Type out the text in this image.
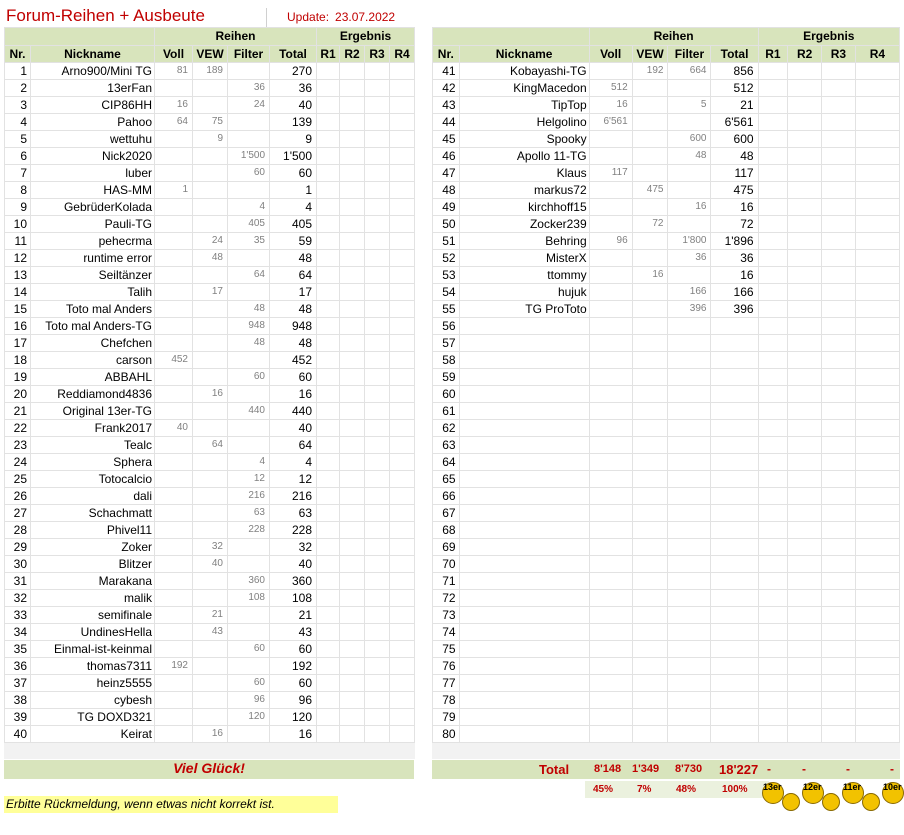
Forum-Reihen + Ausbeute	Update: 23.07.2022
		Reihen				Ergebnis			
Nr.	Nickname	Voll	VEW	Filter	Total	R1	R2	R3	R4
1	Arno900/Mini TG	81	189		270				
2	13erFan			36	36				
3	CIP86HH	16		24	40				
4	Pahoo	64	75		139				
5	wettuhu		9		9				
6	Nick2020			1'500	1'500				
7	luber			60	60				
8	HAS-MM	1			1				
9	GebrüderKolada			4	4				
10	Pauli-TG			405	405				
11	pehecrma		24	35	59				
12	runtime error		48		48				
13	Seiltänzer			64	64				
14	Talih		17		17				
15	Toto mal Anders			48	48				
16	Toto mal Anders-TG			948	948				
17	Chefchen			48	48				
18	carson	452			452				
19	ABBAHL			60	60				
20	Reddiamond4836		16		16				
21	Original 13er-TG			440	440				
22	Frank2017	40			40				
23	Tealc		64		64				
24	Sphera			4	4				
25	Totocalcio			12	12				
26	dali			216	216				
27	Schachmatt			63	63				
28	Phivel11			228	228				
29	Zoker		32		32				
30	Blitzer		40		40				
31	Marakana			360	360				
32	malik			108	108				
33	semifinale		21		21				
34	UndinesHella		43		43				
35	Einmal-ist-keinmal			60	60				
36	thomas7311	192			192				
37	heinz5555			60	60				
38	cybesh			96	96				
39	TG DOXD321			120	120				
40	Keirat		16		16				

		Reihen				Ergebnis			
Nr.	Nickname	Voll	VEW	Filter	Total	R1	R2	R3	R4
41	Kobayashi-TG		192	664	856				
42	KingMacedon	512			512				
43	TipTop	16		5	21				
44	Helgolino	6'561			6'561				
45	Spooky			600	600				
46	Apollo 11-TG			48	48				
47	Klaus	117			117				
48	markus72		475		475				
49	kirchhoff15			16	16				
50	Zocker239		72		72				
51	Behring	96		1'800	1'896				
52	MisterX			36	36				
53	ttommy		16		16				
54	hujuk			166	166				
55	TG ProToto			396	396				
56									
57									
58									
59									
60									
61									
62									
63									
64									
65									
66									
67									
68									
69									
70									
71									
72									
73									
74									
75									
76									
77									
78									
79									
80									

Viel Glück!	Total 8'148 1'349 8'730 18'227 -	-	-	-
45% 7% 48%	100%
Erbitte Rückmeldung, wenn etwas nicht korrekt ist.
13er 12er 11er 10er
